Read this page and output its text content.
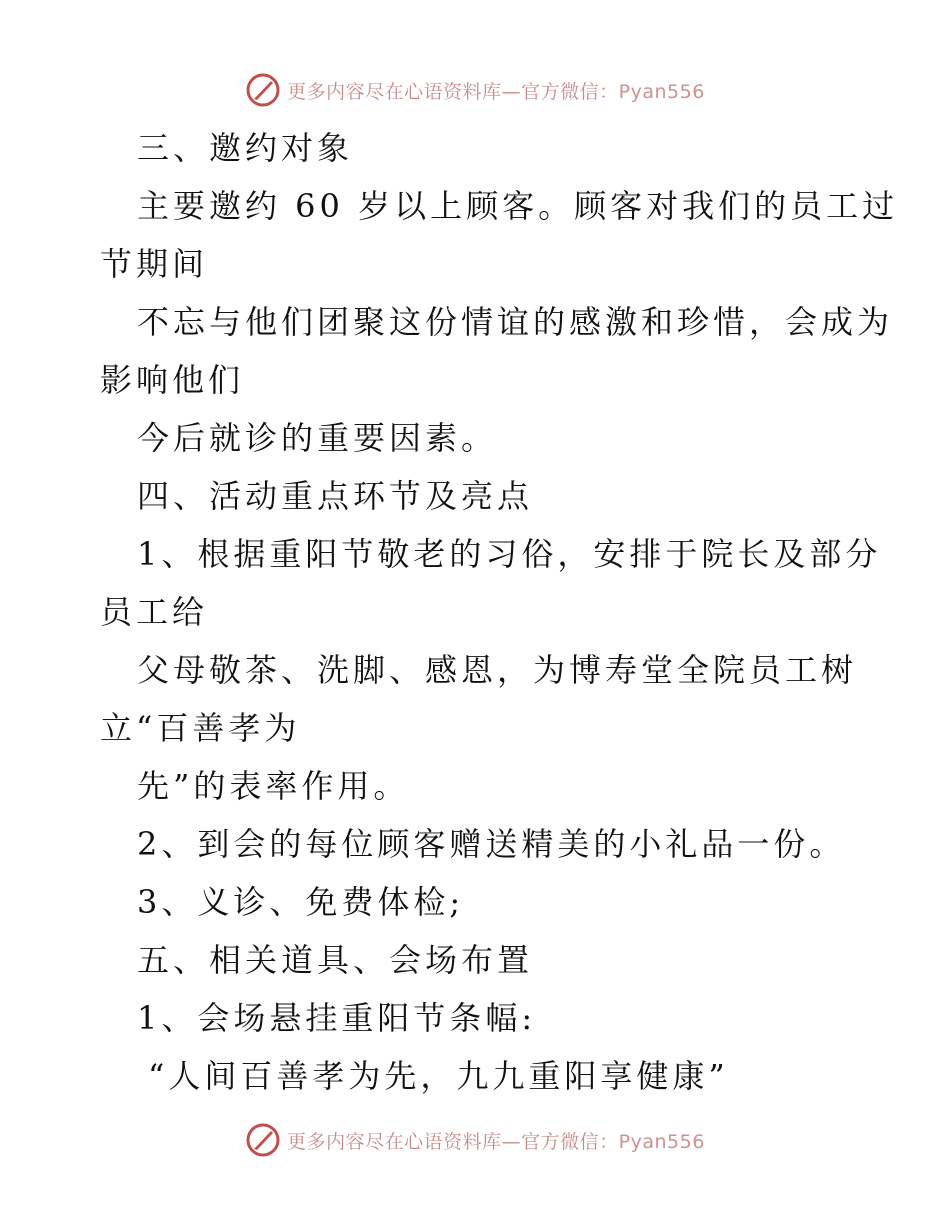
更多内容尽在心语资料库—官方微信：Pyan556
三、邀约对象
主要邀约 60 岁以上顾客。顾客对我们的员工过
节期间
不忘与他们团聚这份情谊的感激和珍惜，会成为
影响他们
今后就诊的重要因素。
四、活动重点环节及亮点
1、根据重阳节敬老的习俗，安排于院长及部分
员工给
父母敬茶、洗脚、感恩，为博寿堂全院员工树
立“百善孝为
先”的表率作用。
2、到会的每位顾客赠送精美的小礼品一份。
3、义诊、免费体检;
五、相关道具、会场布置
1、会场悬挂重阳节条幅:
“人间百善孝为先，九九重阳享健康”
更多内容尽在心语资料库—官方微信：Pyan556
